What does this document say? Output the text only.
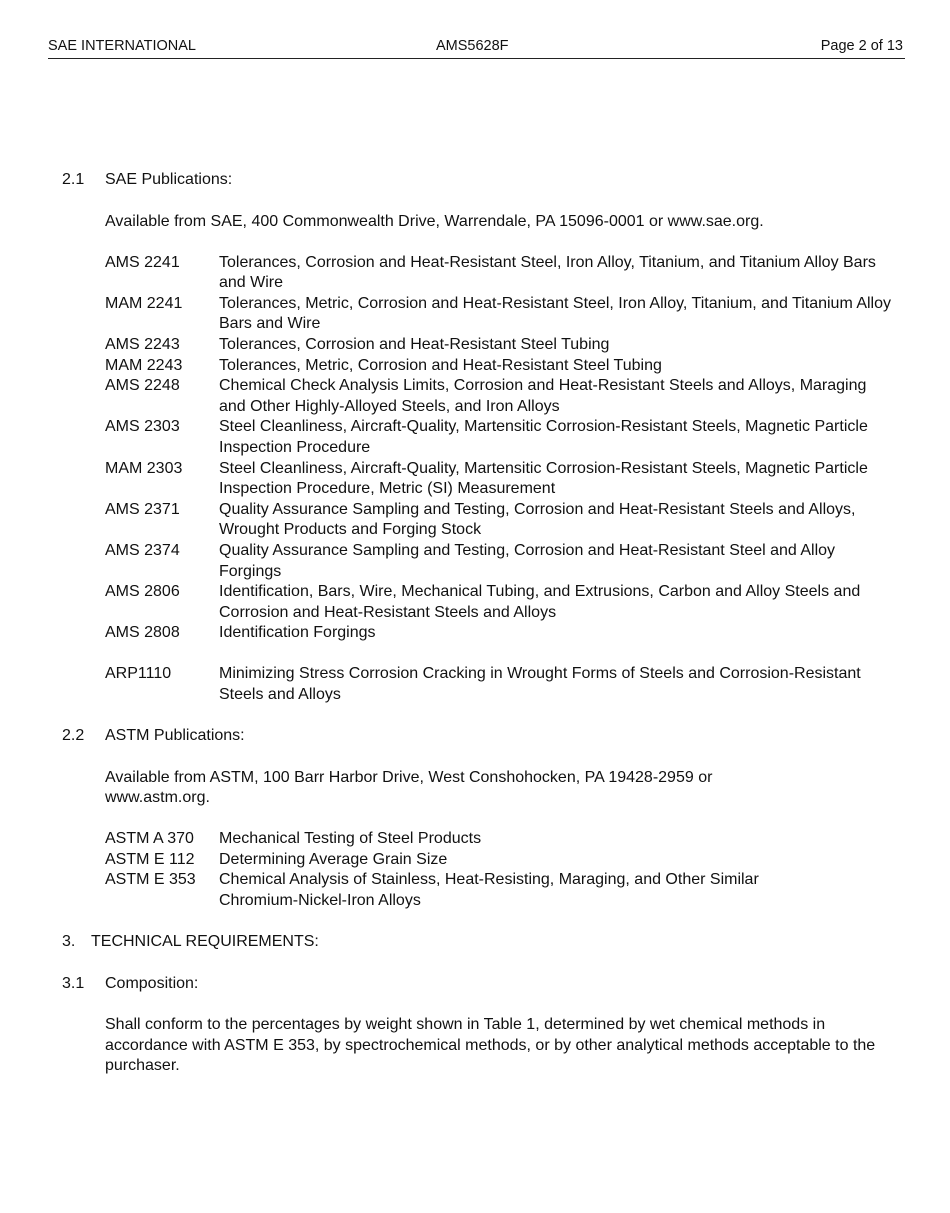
SAE INTERNATIONAL	AMS5628F	Page 2 of 13
2.1 SAE Publications:
Available from SAE, 400 Commonwealth Drive, Warrendale, PA 15096-0001 or www.sae.org.
AMS 2241	Tolerances, Corrosion and Heat-Resistant Steel, Iron Alloy, Titanium, and Titanium Alloy Bars and Wire
MAM 2241	Tolerances, Metric, Corrosion and Heat-Resistant Steel, Iron Alloy, Titanium, and Titanium Alloy Bars and Wire
AMS 2243	Tolerances, Corrosion and Heat-Resistant Steel Tubing
MAM 2243	Tolerances, Metric, Corrosion and Heat-Resistant Steel Tubing
AMS 2248	Chemical Check Analysis Limits, Corrosion and Heat-Resistant Steels and Alloys, Maraging and Other Highly-Alloyed Steels, and Iron Alloys
AMS 2303	Steel Cleanliness, Aircraft-Quality, Martensitic Corrosion-Resistant Steels, Magnetic Particle Inspection Procedure
MAM 2303	Steel Cleanliness, Aircraft-Quality, Martensitic Corrosion-Resistant Steels, Magnetic Particle Inspection Procedure, Metric (SI) Measurement
AMS 2371	Quality Assurance Sampling and Testing, Corrosion and Heat-Resistant Steels and Alloys, Wrought Products and Forging Stock
AMS 2374	Quality Assurance Sampling and Testing, Corrosion and Heat-Resistant Steel and Alloy Forgings
AMS 2806	Identification, Bars, Wire, Mechanical Tubing, and Extrusions, Carbon and Alloy Steels and Corrosion and Heat-Resistant Steels and Alloys
AMS 2808	Identification Forgings
ARP1110	Minimizing Stress Corrosion Cracking in Wrought Forms of Steels and Corrosion-Resistant Steels and Alloys
2.2 ASTM Publications:
Available from ASTM, 100 Barr Harbor Drive, West Conshohocken, PA 19428-2959 or www.astm.org.
ASTM A 370	Mechanical Testing of Steel Products
ASTM E 112	Determining Average Grain Size
ASTM E 353	Chemical Analysis of Stainless, Heat-Resisting, Maraging, and Other Similar Chromium-Nickel-Iron Alloys
3. TECHNICAL REQUIREMENTS:
3.1 Composition:
Shall conform to the percentages by weight shown in Table 1, determined by wet chemical methods in accordance with ASTM E 353, by spectrochemical methods, or by other analytical methods acceptable to the purchaser.
